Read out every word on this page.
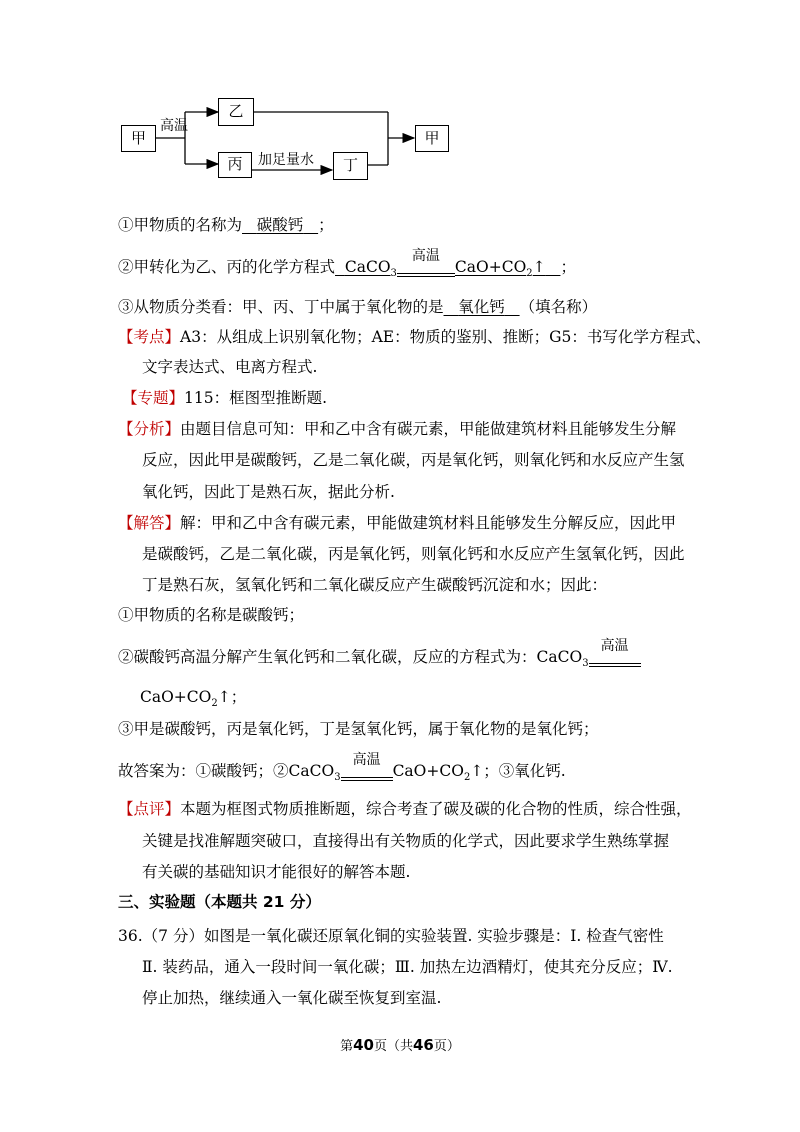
甲
乙
丙	丁
甲
高温
加足量水
①甲物质的名称为 碳酸钙 ；
②甲转化为乙、丙的化学方程式 CaCO$_3$
高温
$CaO+CO_2↑$ ；
③从物质分类看：甲、丙、丁中属于氧化物的是 氧化钙 （填名称）
【考点】A3：从组成上识别氧化物；AE：物质的鉴别、推断；G5：书写化学方程式、
文字表达式、电离方程式.
【专题】115：框图型推断题.
【分析】由题目信息可知：甲和乙中含有碳元素，甲能做建筑材料且能够发生分解
反应，因此甲是碳酸钙，乙是二氧化碳，丙是氧化钙，则氧化钙和水反应产生氢
氧化钙，因此丁是熟石灰，据此分析.
【解答】解：甲和乙中含有碳元素，甲能做建筑材料且能够发生分解反应，因此甲
是碳酸钙，乙是二氧化碳，丙是氧化钙，则氧化钙和水反应产生氢氧化钙，因此
丁是熟石灰，氢氧化钙和二氧化碳反应产生碳酸钙沉淀和水；因此：
①甲物质的名称是碳酸钙；
②碳酸钙高温分解产生氧化钙和二氧化碳，反应的方程式为：CaCO$_3$
高温
$CaO+CO_2↑$；
③甲是碳酸钙，丙是氧化钙，丁是氢氧化钙，属于氧化物的是氧化钙；
故答案为：①碳酸钙；②CaCO$_3$
高温
$CaO+CO_2↑$；③氧化钙.
【点评】本题为框图式物质推断题，综合考查了碳及碳的化合物的性质，综合性强，
关键是找准解题突破口，直接得出有关物质的化学式，因此要求学生熟练掌握
有关碳的基础知识才能很好的解答本题.
三、实验题（本题共 21 分）
36.（7 分）如图是一氧化碳还原氧化铜的实验装置. 实验步骤是：Ⅰ. 检查气密性
Ⅱ. 装药品，通入一段时间一氧化碳；Ⅲ. 加热左边酒精灯，使其充分反应；Ⅳ.
停止加热，继续通入一氧化碳至恢复到室温.
第40页（共46页）
